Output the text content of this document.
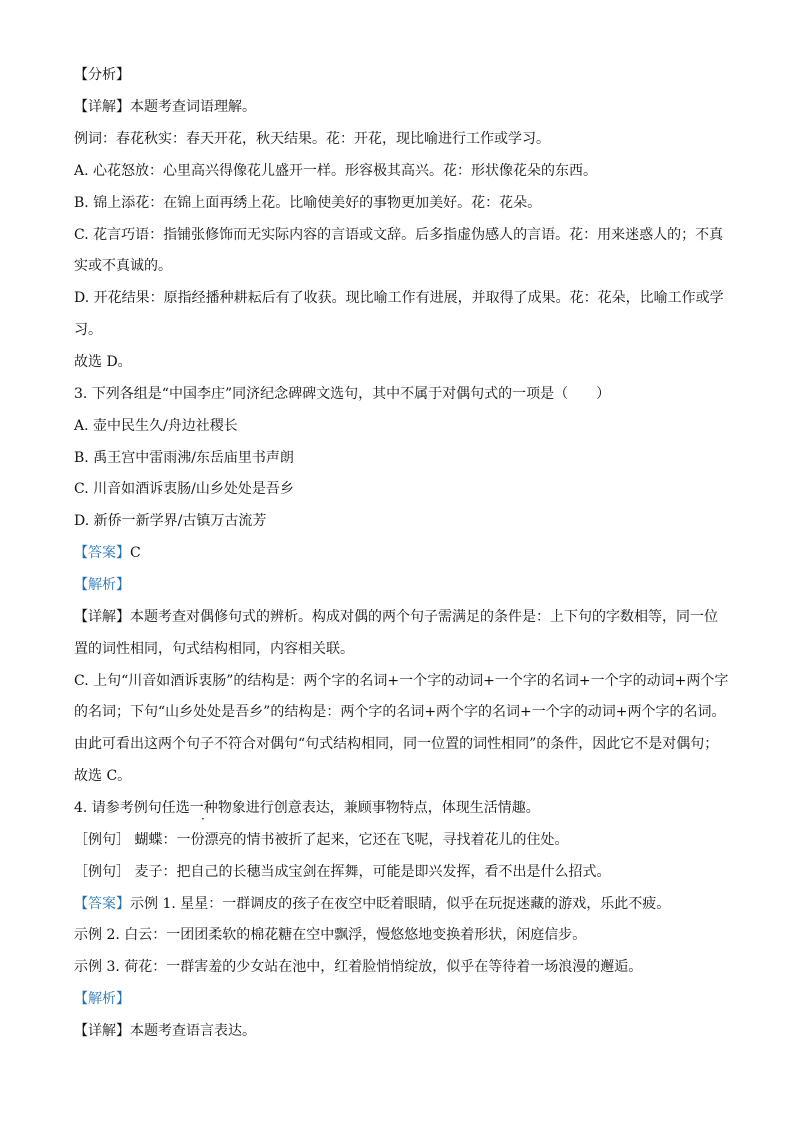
【分析】
【详解】本题考查词语理解。
例词：春花秋实：春天开花，秋天结果。花：开花，现比喻进行工作或学习。
A. 心花怒放：心里高兴得像花儿盛开一样。形容极其高兴。花：形状像花朵的东西。
B. 锦上添花：在锦上面再绣上花。比喻使美好的事物更加美好。花：花朵。
C. 花言巧语：指铺张修饰而无实际内容的言语或文辞。后多指虚伪感人的言语。花：用来迷惑人的；不真
实或不真诚的。
D. 开花结果：原指经播种耕耘后有了收获。现比喻工作有进展，并取得了成果。花：花朵，比喻工作或学
习。
故选 D。
3. 下列各组是“中国李庄”同济纪念碑碑文选句，其中不属于对偶句式的一项是（　　）
A. 壶中民生久/舟边社稷长
B. 禹王宫中雷雨沸/东岳庙里书声朗
C. 川音如酒诉衷肠/山乡处处是吾乡
D. 新侨一新学界/古镇万古流芳
【答案】C
【解析】
【详解】本题考查对偶修句式的辨析。构成对偶的两个句子需满足的条件是：上下句的字数相等，同一位
置的词性相同，句式结构相同，内容相关联。
C. 上句“川音如酒诉衷肠”的结构是：两个字的名词+一个字的动词+一个字的名词+一个字的动词+两个字
的名词；下句“山乡处处是吾乡”的结构是：两个字的名词+两个字的名词+一个字的动词+两个字的名词。
由此可看出这两个句子不符合对偶句“句式结构相同，同一位置的词性相同”的条件，因此它不是对偶句；
故选 C。
4. 请参考例句任选一种物象进行创意表达，兼顾事物特点，体现生活情趣。
［例句］ 蝴蝶：一份漂亮的情书被折了起来，它还在飞呢，寻找着花儿的住处。
［例句］ 麦子：把自己的长穗当成宝剑在挥舞，可能是即兴发挥，看不出是什么招式。
【答案】示例 1. 星星：一群调皮的孩子在夜空中眨着眼睛，似乎在玩捉迷藏的游戏，乐此不疲。
示例 2. 白云：一团团柔软的棉花糖在空中飘浮，慢悠悠地变换着形状，闲庭信步。
示例 3. 荷花：一群害羞的少女站在池中，红着脸悄悄绽放，似乎在等待着一场浪漫的邂逅。
【解析】
【详解】本题考查语言表达。
